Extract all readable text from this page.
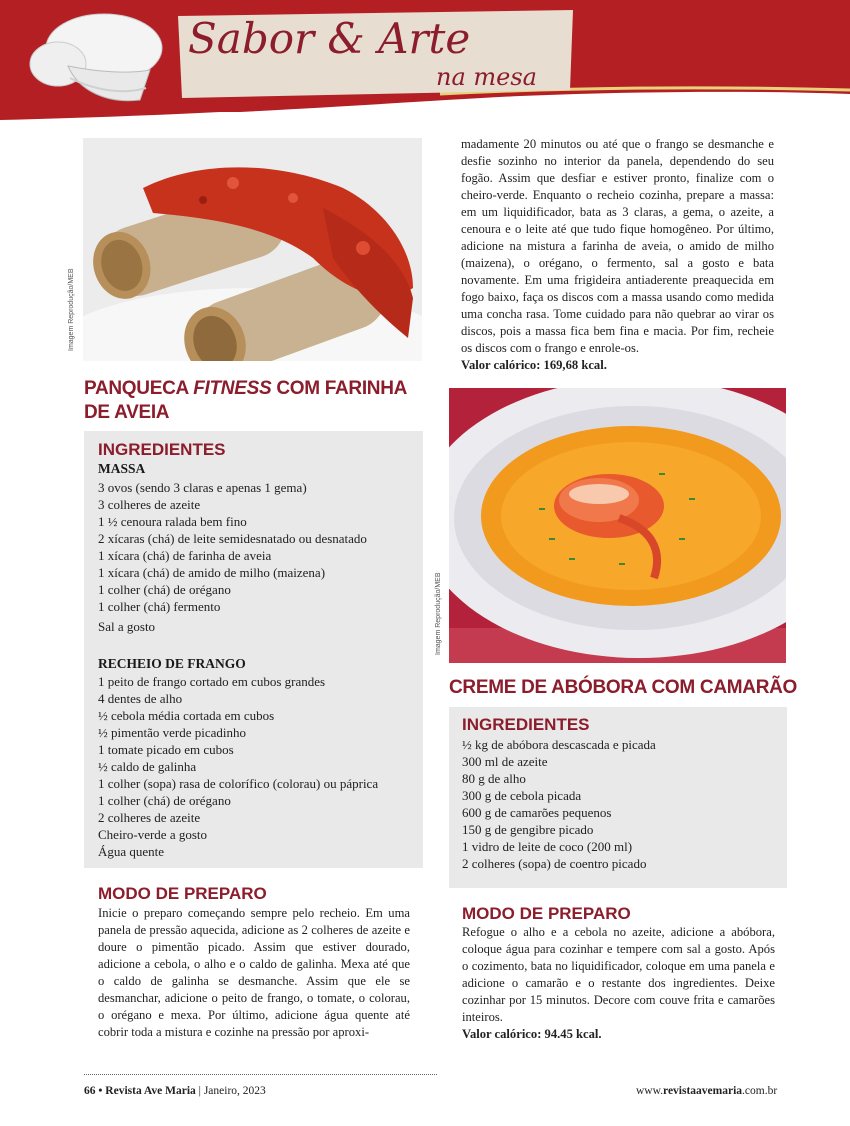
Sabor & Arte
na mesa
Imagem Reprodução/MEB
PANQUECA FITNESS COM FARINHA
DE AVEIA
INGREDIENTES
MASSA
3 ovos (sendo 3 claras e apenas 1 gema)
3 colheres de azeite
1 ½ cenoura ralada bem fino
2 xícaras (chá) de leite semidesnatado ou desnatado
1 xícara (chá) de farinha de aveia
1 xícara (chá) de amido de milho (maizena)
1 colher (chá) de orégano
1 colher (chá) fermento
Sal a gosto
RECHEIO DE FRANGO
1 peito de frango cortado em cubos grandes
4 dentes de alho
½ cebola média cortada em cubos
½ pimentão verde picadinho
1 tomate picado em cubos
½ caldo de galinha
1 colher (sopa) rasa de colorífico (colorau) ou páprica
1 colher (chá) de orégano
2 colheres de azeite
Cheiro-verde a gosto
Água quente
MODO DE PREPARO
Inicie o preparo começando sempre pelo recheio. Em uma panela de pressão aquecida, adicione as 2 colheres de azeite e doure o pimentão picado. Assim que estiver dourado, adicione a cebola, o alho e o caldo de galinha. Mexa até que o caldo de galinha se desmanche. Assim que ele se desmanchar, adicione o peito de frango, o tomate, o colorau, o orégano e mexa. Por último, adicione água quente até cobrir toda a mistura e cozinhe na pressão por aproxi-
madamente 20 minutos ou até que o frango se desmanche e desfie sozinho no interior da panela, dependendo do seu fogão. Assim que desfiar e estiver pronto, finalize com o cheiro-verde. Enquanto o recheio cozinha, prepare a massa: em um liquidificador, bata as 3 claras, a gema, o azeite, a cenoura e o leite até que tudo fique homogêneo. Por último, adicione na mistura a farinha de aveia, o amido de milho (maizena), o orégano, o fermento, sal a gosto e bata novamente. Em uma frigideira antiaderente preaquecida em fogo baixo, faça os discos com a massa usando como medida uma concha rasa. Tome cuidado para não quebrar ao virar os discos, pois a massa fica bem fina e macia. Por fim, recheie os discos com o frango e enrole-os.
Valor calórico: 169,68 kcal.
Imagem Reprodução/MEB
CREME DE ABÓBORA COM CAMARÃO
INGREDIENTES
½ kg de abóbora descascada e picada
300 ml de azeite
80 g de alho
300 g de cebola picada
600 g de camarões pequenos
150 g de gengibre picado
1 vidro de leite de coco (200 ml)
2 colheres (sopa) de coentro picado
MODO DE PREPARO
Refogue o alho e a cebola no azeite, adicione a abóbora, coloque água para cozinhar e tempere com sal a gosto. Após o cozimento, bata no liquidificador, coloque em uma panela e adicione o camarão e o restante dos ingredientes. Deixe cozinhar por 15 minutos. Decore com couve frita e camarões inteiros.
Valor calórico: 94.45 kcal.
66 • Revista Ave Maria | Janeiro, 2023	www.revistaavemaria.com.br
